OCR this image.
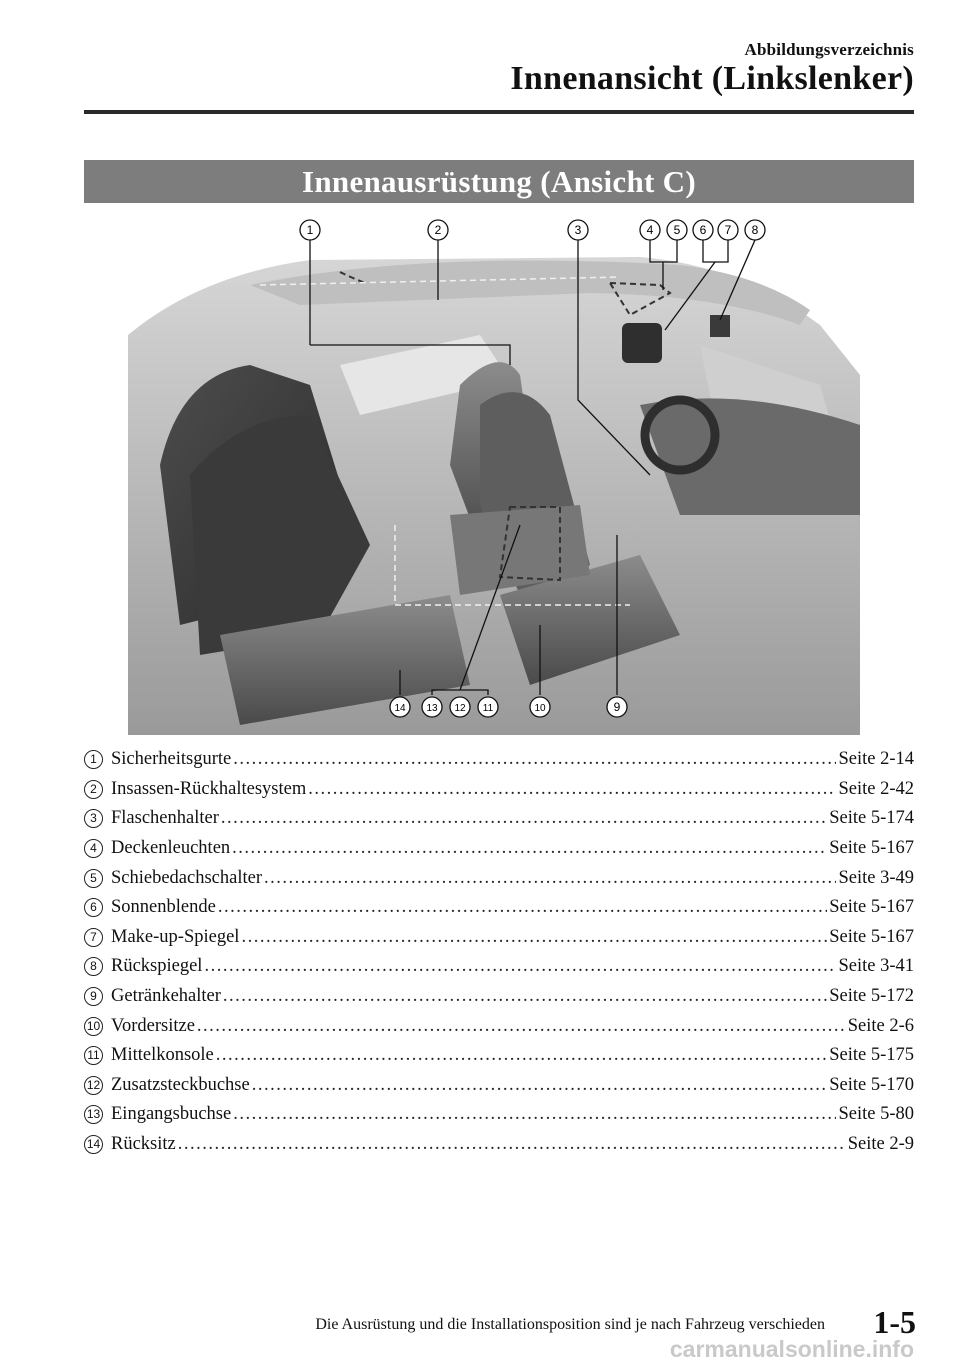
Abbildungsverzeichnis
Innenansicht (Linkslenker)
Innenausrüstung (Ansicht C)
1	2	3	4 5 6 7 8
14 13 12 11	10	9
1 Sicherheitsgurte .....	Seite 2-14
2 Insassen-Rückhaltesystem .....	Seite 2-42
3 Flaschenhalter .....	Seite 5-174
4 Deckenleuchten .....	Seite 5-167
5 Schiebedachschalter .....	Seite 3-49
6 Sonnenblende .....	Seite 5-167
7 Make-up-Spiegel .....	Seite 5-167
8 Rückspiegel .....	Seite 3-41
9 Getränkehalter .....	Seite 5-172
10 Vordersitze .....	Seite 2-6
11 Mittelkonsole .....	Seite 5-175
12 Zusatzsteckbuchse .....	Seite 5-170
13 Eingangsbuchse .....	Seite 5-80
14 Rücksitz .....	Seite 2-9
Die Ausrüstung und die Installationsposition sind je nach Fahrzeug verschieden 1-5
carmanualsonline.info
